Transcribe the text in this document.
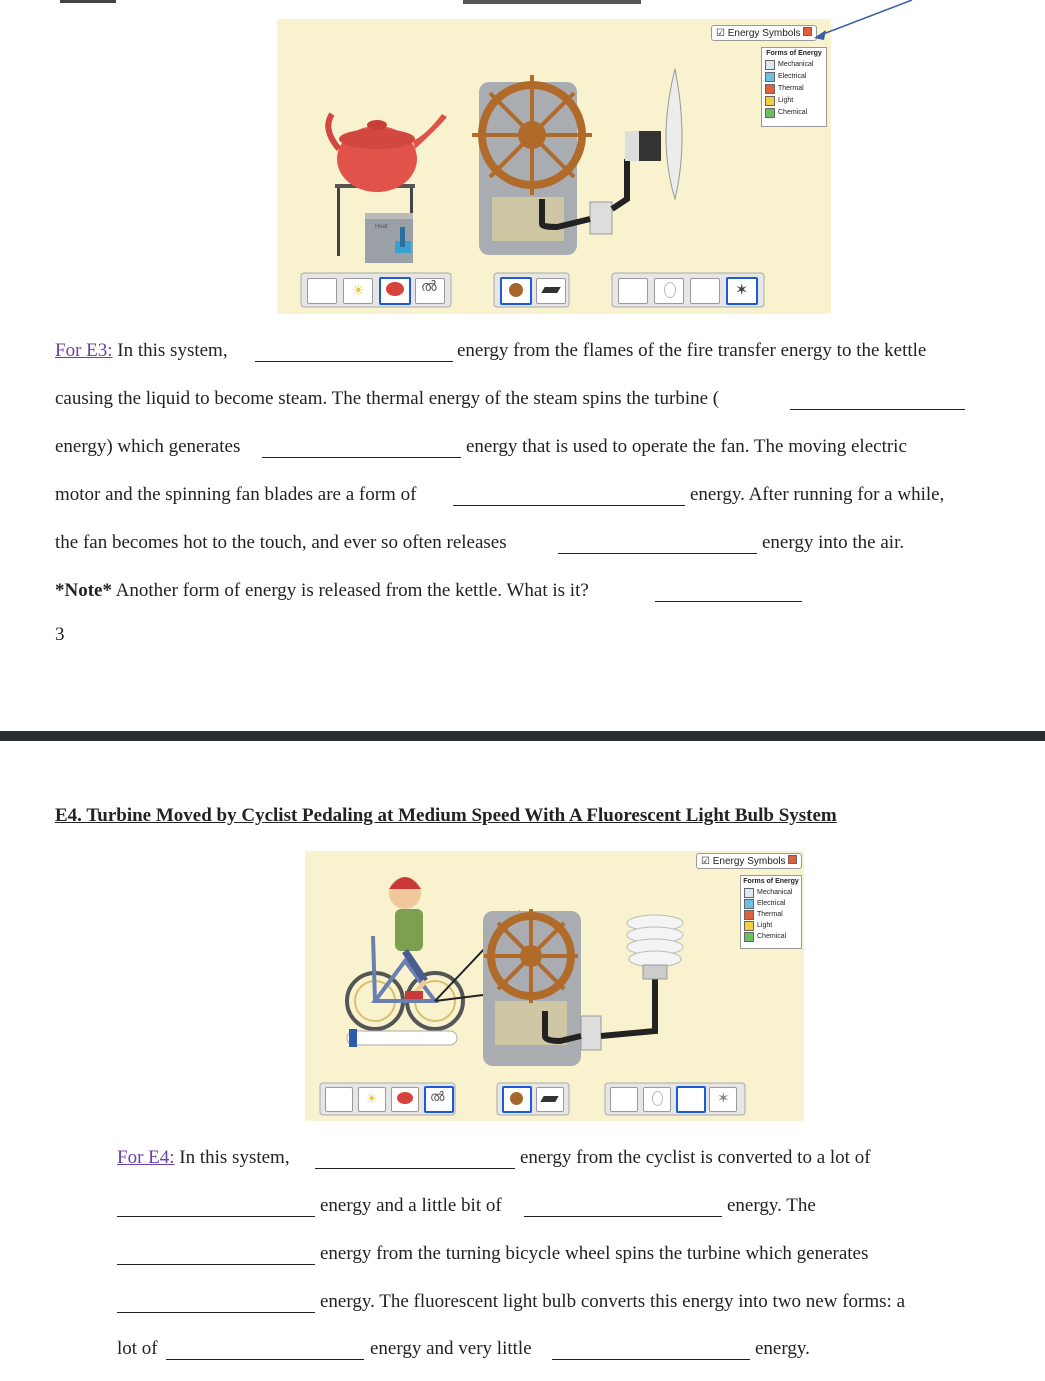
Heat
☀	ൽ	✶
☑ Energy Symbols
Forms of Energy
Mechanical
Electrical
Thermal
Light
Chemical
For E3: In this system,	energy from the flames of the fire transfer energy to the kettle
causing the liquid to become steam. The thermal energy of the steam spins the turbine (
energy) which generates	energy that is used to operate the fan. The moving electric
motor and the spinning fan blades are a form of	energy. After running for a while,
the fan becomes hot to the touch, and ever so often releases	energy into the air.
*Note* Another form of energy is released from the kettle. What is it?
3
E4. Turbine Moved by Cyclist Pedaling at Medium Speed With A Fluorescent Light Bulb System
☀	ൽ	✶
☑ Energy Symbols
Forms of Energy
Mechanical
Electrical
Thermal
Light
Chemical
For E4: In this system,	energy from the cyclist is converted to a lot of
energy and a little bit of	energy. The
energy from the turning bicycle wheel spins the turbine which generates
energy. The fluorescent light bulb converts this energy into two new forms: a
lot of	energy and very little	energy.
